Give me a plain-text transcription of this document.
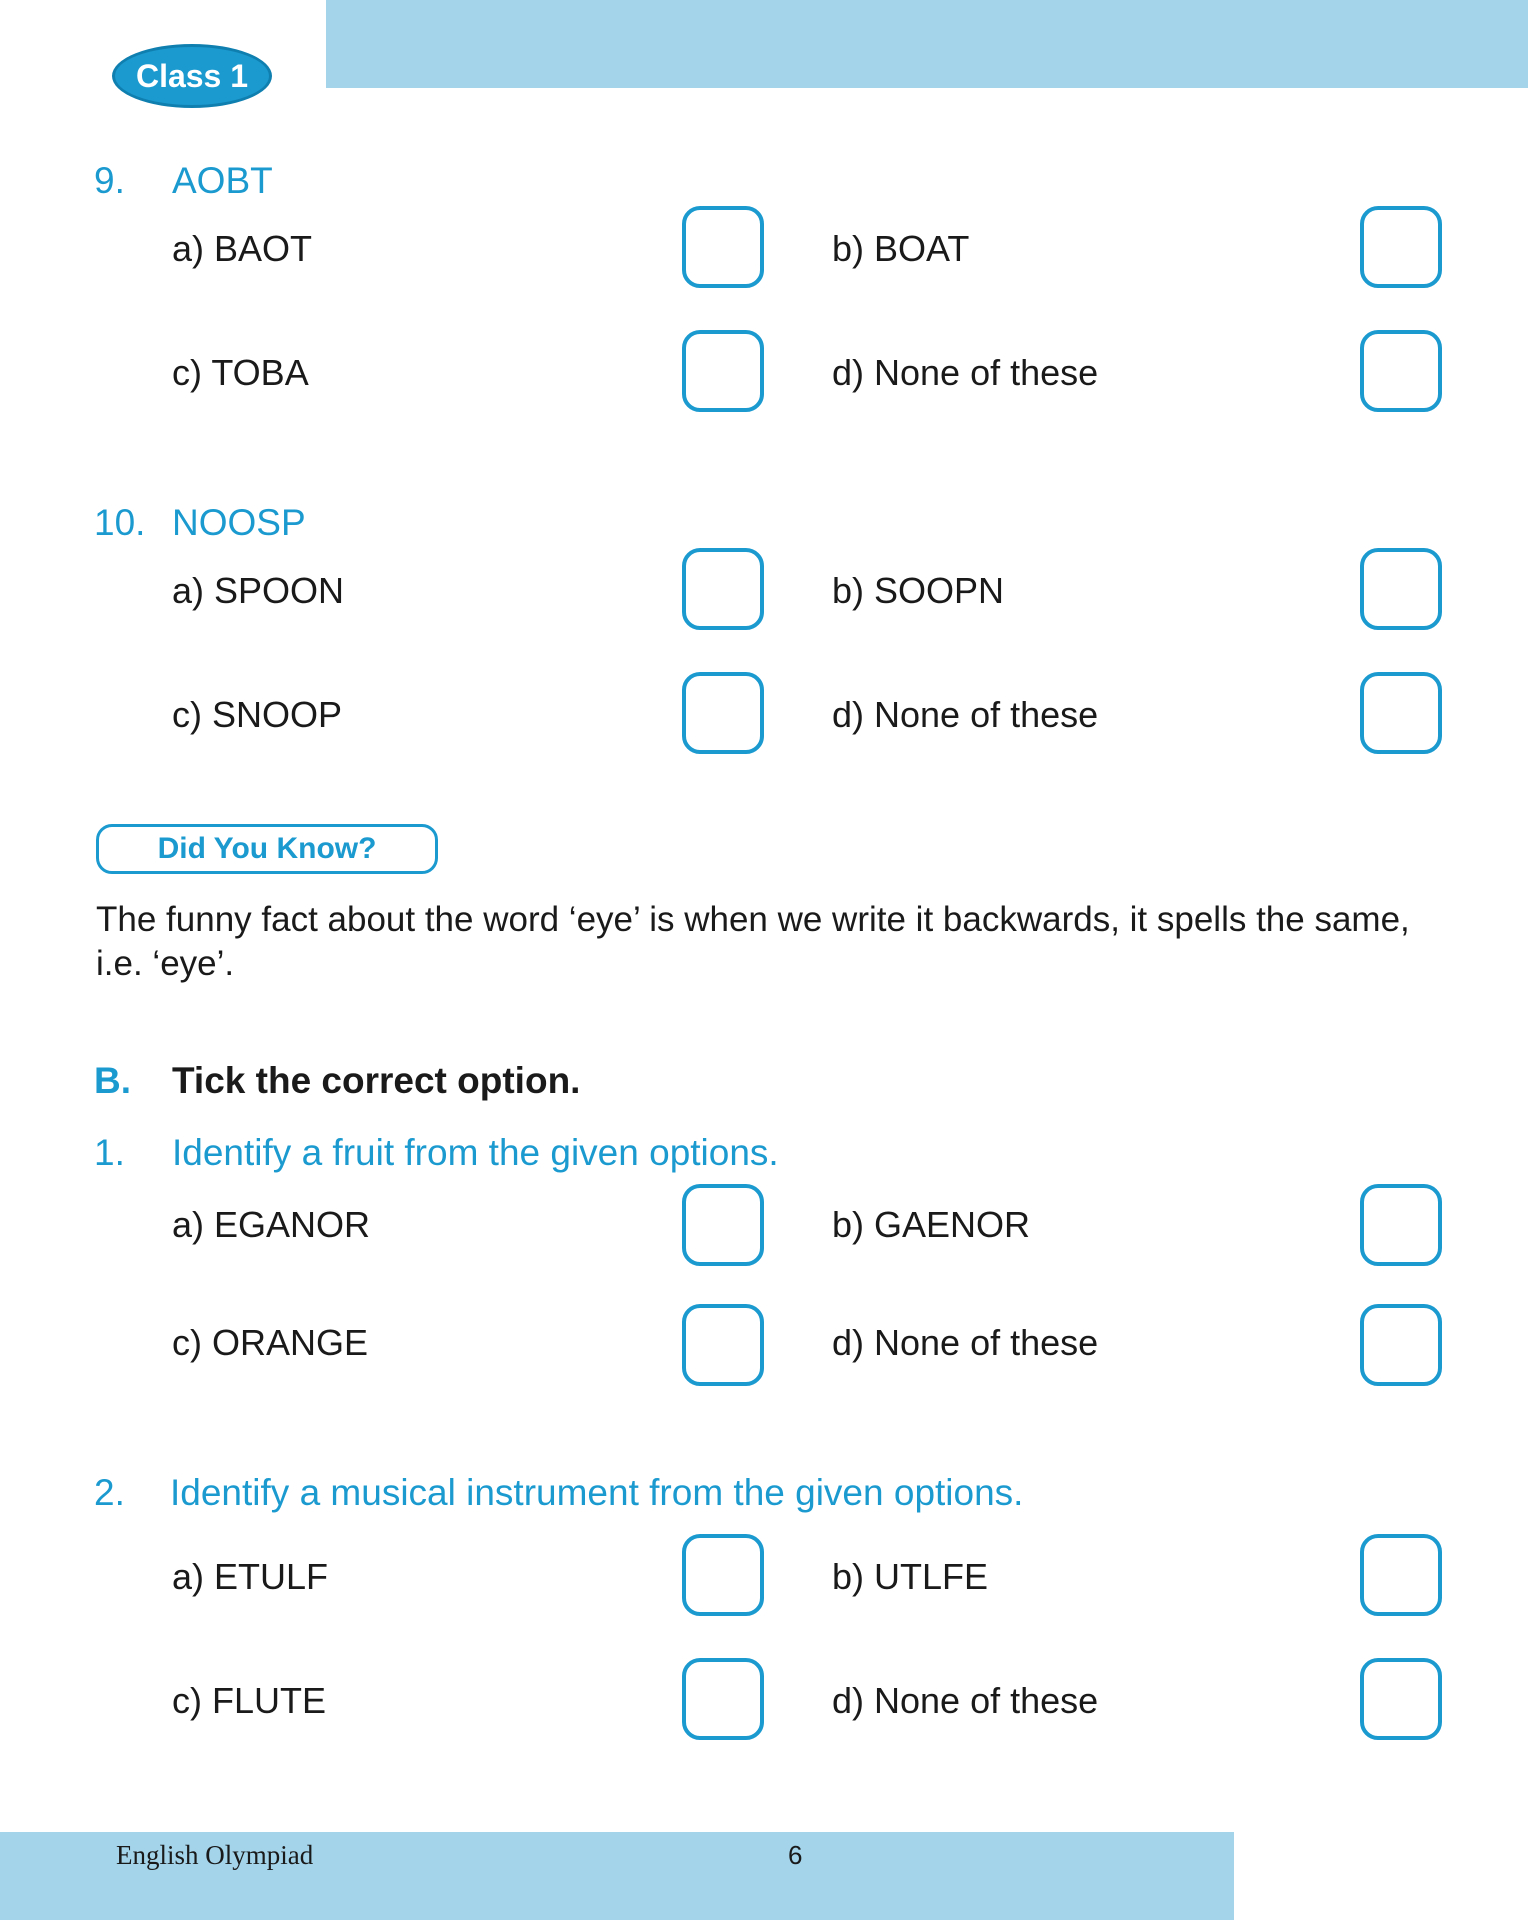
Class 1
9. AOBT
a) BAOT	b) BOAT
c) TOBA	d) None of these
10. NOOSP
a) SPOON	b) SOOPN
c) SNOOP	d) None of these
Did You Know?
The funny fact about the word ‘eye’ is when we write it backwards, it spells the same, i.e. ‘eye’.
B. Tick the correct option.
1. Identify a fruit from the given options.
a) EGANOR	b) GAENOR
c) ORANGE	d) None of these
2. Identify a musical instrument from the given options.
a) ETULF	b) UTLFE
c) FLUTE	d) None of these
English Olympiad	6
